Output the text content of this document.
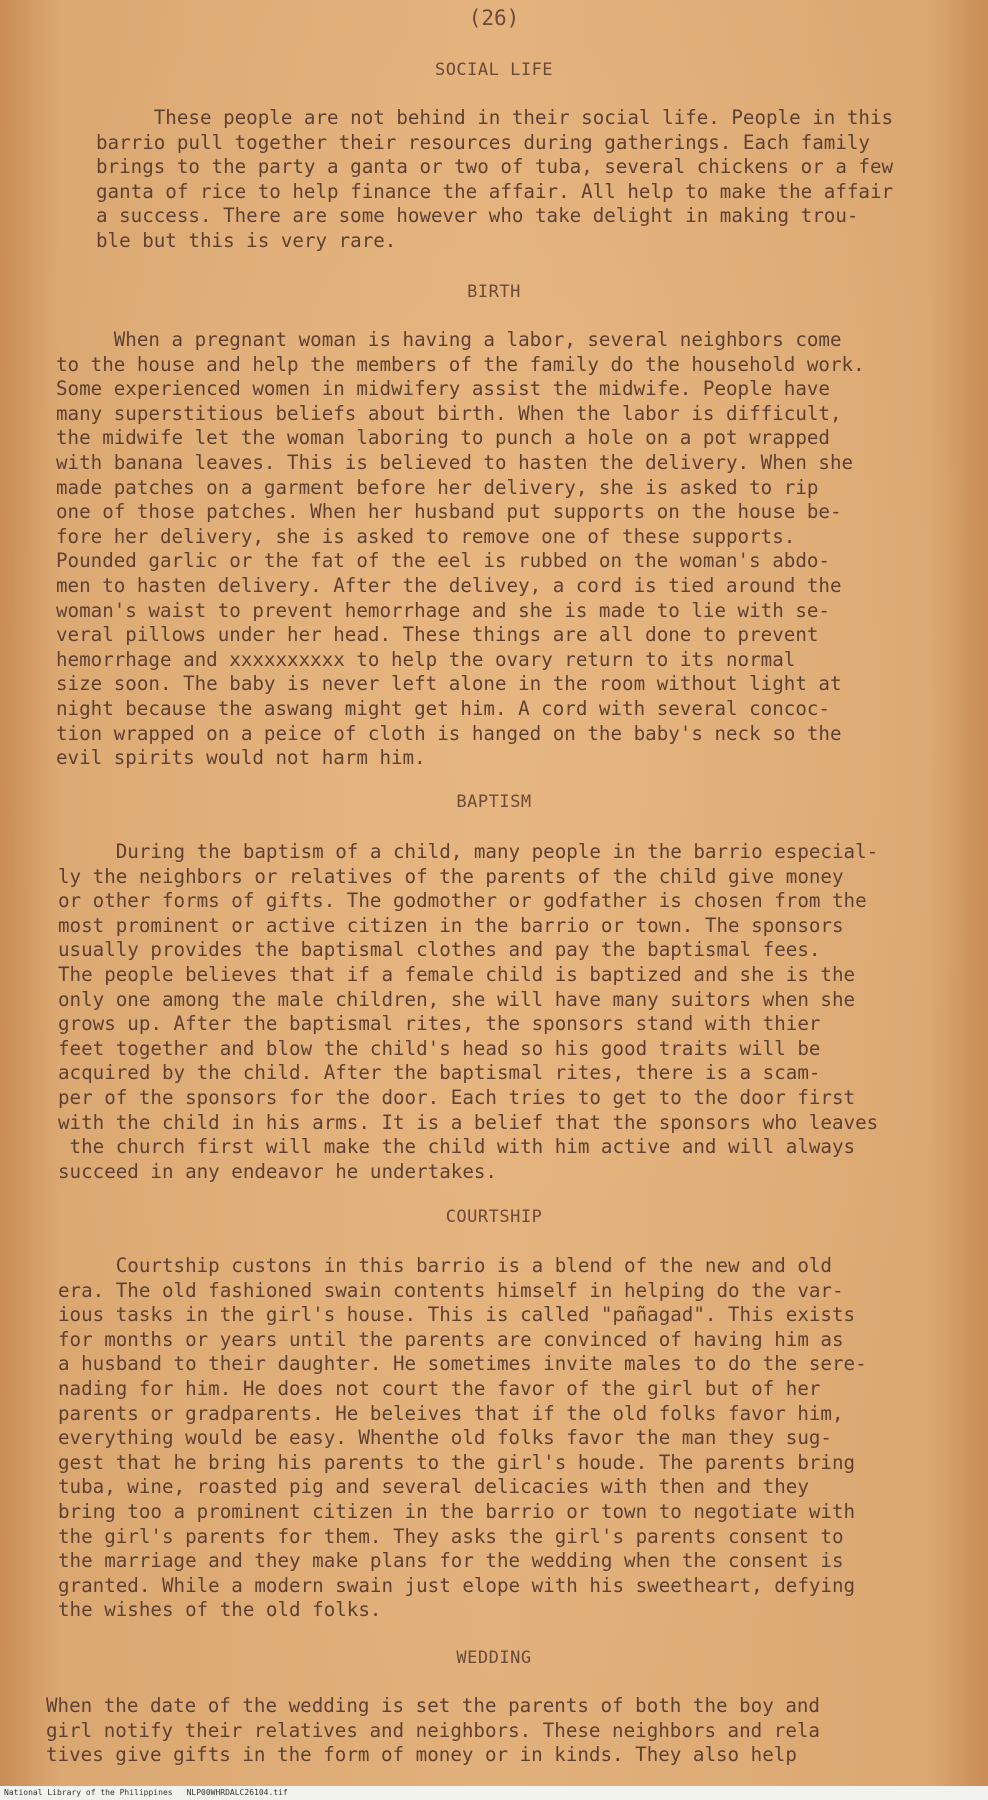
(26)
SOCIAL LIFE
These people are not behind in their social life. People in this
barrio pull together their resources during gatherings. Each family
brings to the party a ganta or two of tuba, several chickens or a few
ganta of rice to help finance the affair. All help to make the affair
a success. There are some however who take delight in making trou-
ble but this is very rare.
BIRTH
When a pregnant woman is having a labor, several neighbors come
to the house and help the members of the family do the household work.
Some experienced women in midwifery assist the midwife. People have
many superstitious beliefs about birth. When the labor is difficult,
the midwife let the woman laboring to punch a hole on a pot wrapped
with banana leaves. This is believed to hasten the delivery. When she
made patches on a garment before her delivery, she is asked to rip
one of those patches. When her husband put supports on the house be-
fore her delivery, she is asked to remove one of these supports.
Pounded garlic or the fat of the eel is rubbed on the woman's abdo-
men to hasten delivery. After the delivey, a cord is tied around the
woman's waist to prevent hemorrhage and she is made to lie with se-
veral pillows under her head. These things are all done to prevent
hemorrhage and xxxxxxxxxx to help the ovary return to its normal
size soon. The baby is never left alone in the room without light at
night because the aswang might get him. A cord with several concoc-
tion wrapped on a peice of cloth is hanged on the baby's neck so the
evil spirits would not harm him.
BAPTISM
During the baptism of a child, many people in the barrio especial-
ly the neighbors or relatives of the parents of the child give money
or other forms of gifts. The godmother or godfather is chosen from the
most prominent or active citizen in the barrio or town. The sponsors
usually provides the baptismal clothes and pay the baptismal fees.
The people believes that if a female child is baptized and she is the
only one among the male children, she will have many suitors when she
grows up. After the baptismal rites, the sponsors stand with thier
feet together and blow the child's head so his good traits will be
acquired by the child. After the baptismal rites, there is a scam-
per of the sponsors for the door. Each tries to get to the door first
with the child in his arms. It is a belief that the sponsors who leaves
the church first will make the child with him active and will always
succeed in any endeavor he undertakes.
COURTSHIP
Courtship custons in this barrio is a blend of the new and old
era. The old fashioned swain contents himself in helping do the var-
ious tasks in the girl's house. This is called "pañagad". This exists
for months or years until the parents are convinced of having him as
a husband to their daughter. He sometimes invite males to do the sere-
nading for him. He does not court the favor of the girl but of her
parents or gradparents. He beleives that if the old folks favor him,
everything would be easy. Whenthe old folks favor the man they sug-
gest that he bring his parents to the girl's houde. The parents bring
tuba, wine, roasted pig and several delicacies with then and they
bring too a prominent citizen in the barrio or town to negotiate with
the girl's parents for them. They asks the girl's parents consent to
the marriage and they make plans for the wedding when the consent is
granted. While a modern swain just elope with his sweetheart, defying
the wishes of the old folks.
WEDDING
When the date of the wedding is set the parents of both the boy and
girl notify their relatives and neighbors. These neighbors and rela
tives give gifts in the form of money or in kinds. They also help
National Library of the Philippines NLP00WHRDALC26104.tif
